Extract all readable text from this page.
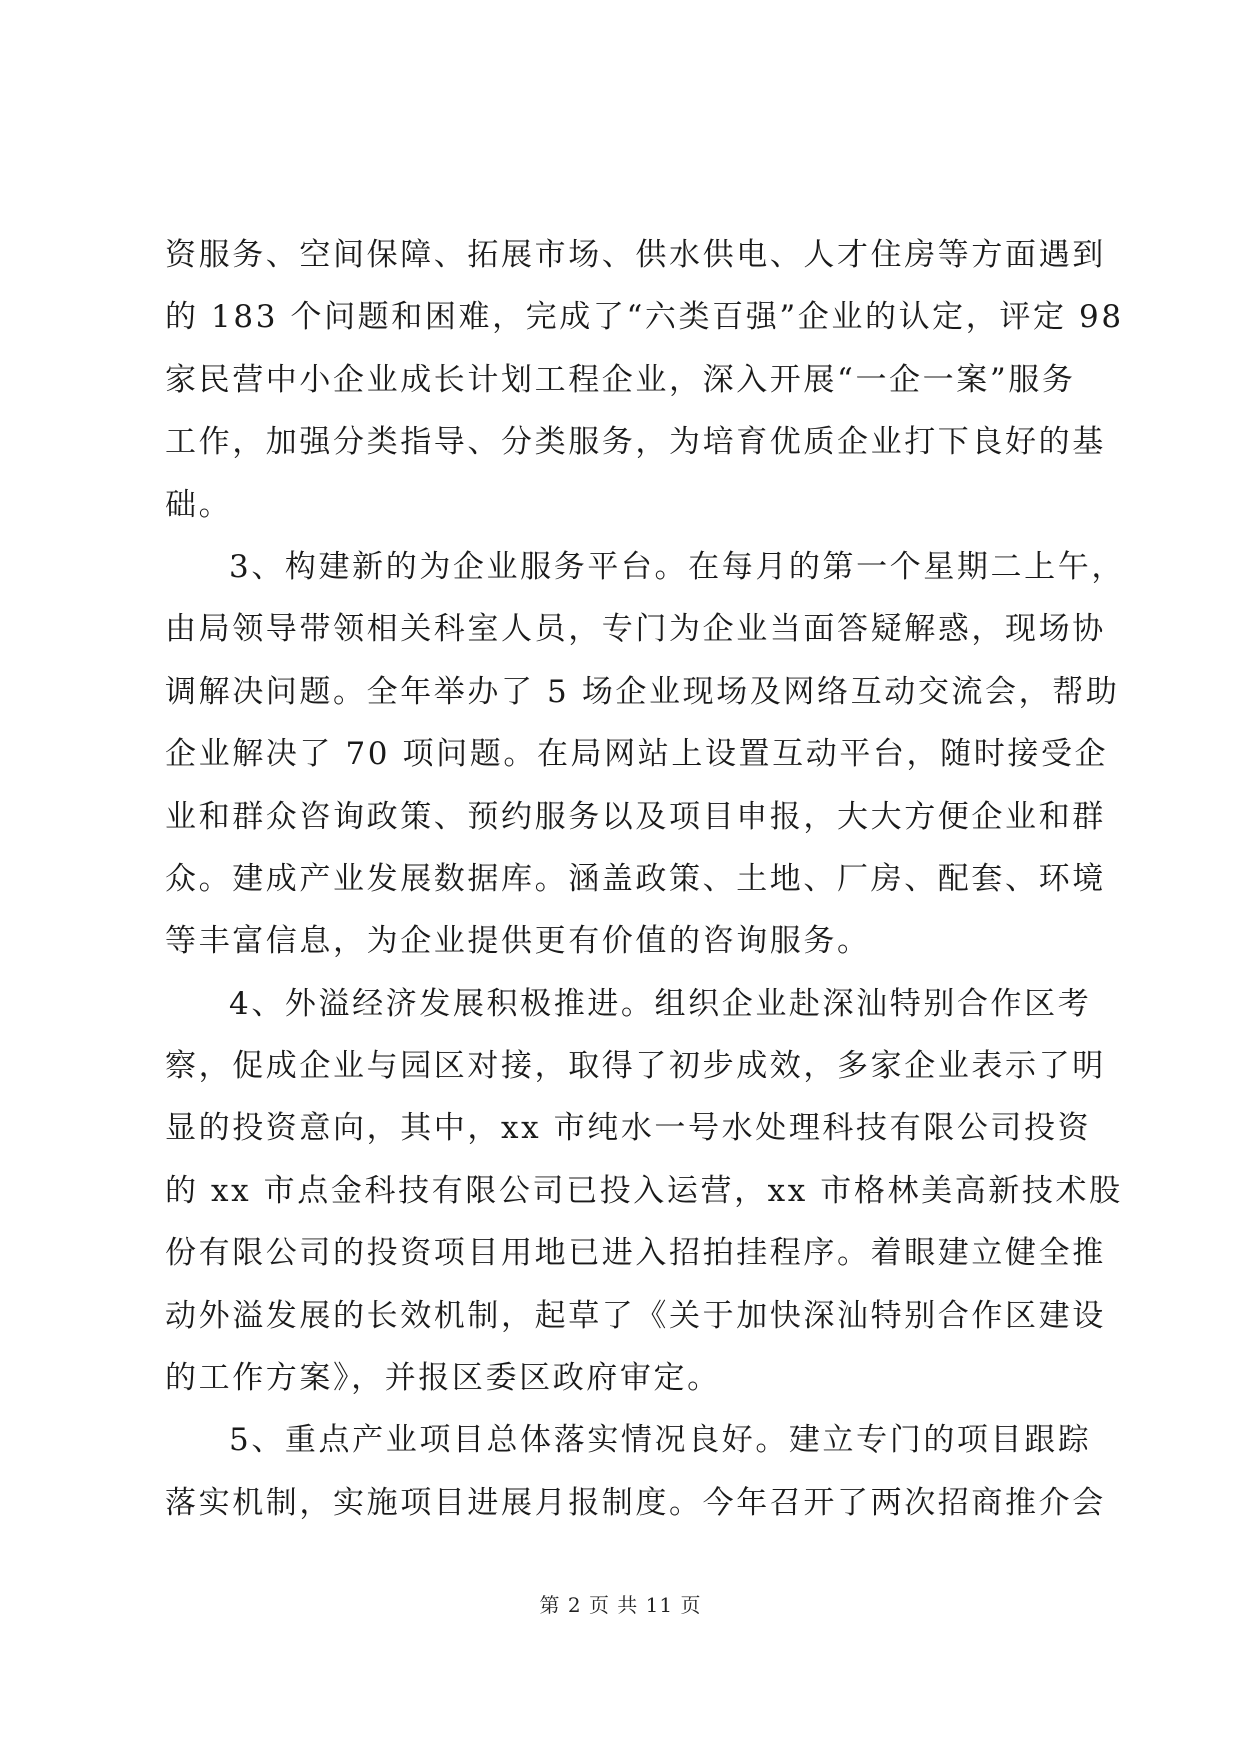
资服务、空间保障、拓展市场、供水供电、人才住房等方面遇到
的 183 个问题和困难，完成了“六类百强”企业的认定，评定 98
家民营中小企业成长计划工程企业，深入开展“一企一案”服务
工作，加强分类指导、分类服务，为培育优质企业打下良好的基
础。
3、构建新的为企业服务平台。在每月的第一个星期二上午，
由局领导带领相关科室人员，专门为企业当面答疑解惑，现场协
调解决问题。全年举办了 5 场企业现场及网络互动交流会，帮助
企业解决了 70 项问题。在局网站上设置互动平台，随时接受企
业和群众咨询政策、预约服务以及项目申报，大大方便企业和群
众。建成产业发展数据库。涵盖政策、土地、厂房、配套、环境
等丰富信息，为企业提供更有价值的咨询服务。
4、外溢经济发展积极推进。组织企业赴深汕特别合作区考
察，促成企业与园区对接，取得了初步成效，多家企业表示了明
显的投资意向，其中，xx 市纯水一号水处理科技有限公司投资
的 xx 市点金科技有限公司已投入运营，xx 市格林美高新技术股
份有限公司的投资项目用地已进入招拍挂程序。着眼建立健全推
动外溢发展的长效机制，起草了《关于加快深汕特别合作区建设
的工作方案》，并报区委区政府审定。
5、重点产业项目总体落实情况良好。建立专门的项目跟踪
落实机制，实施项目进展月报制度。今年召开了两次招商推介会
第 2 页 共 11 页
